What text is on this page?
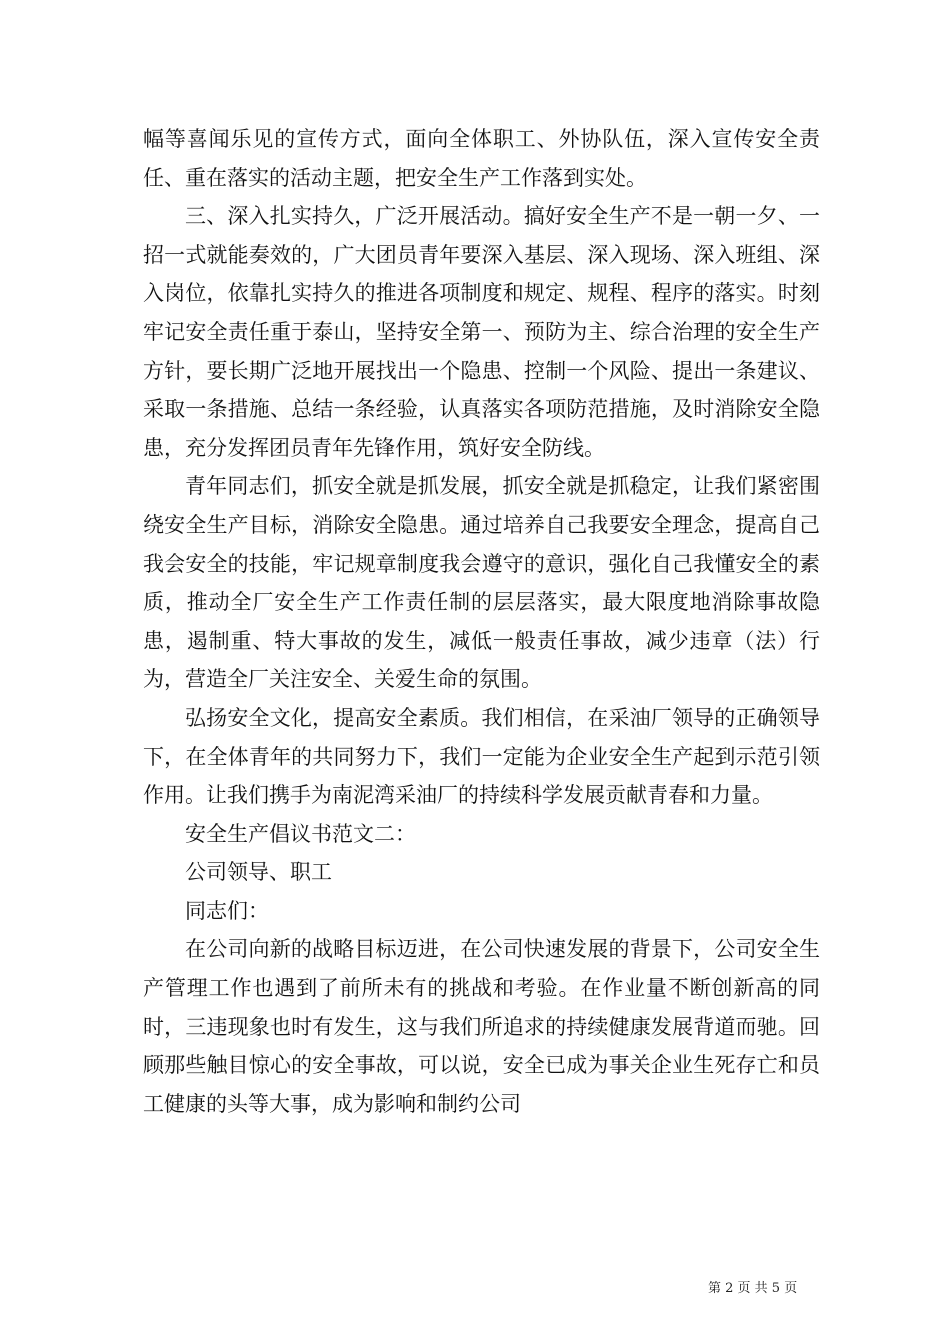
幅等喜闻乐见的宣传方式，面向全体职工、外协队伍，深入宣传安全责任、重在落实的活动主题，把安全生产工作落到实处。

三、深入扎实持久，广泛开展活动。搞好安全生产不是一朝一夕、一招一式就能奏效的，广大团员青年要深入基层、深入现场、深入班组、深入岗位，依靠扎实持久的推进各项制度和规定、规程、程序的落实。时刻牢记安全责任重于泰山，坚持安全第一、预防为主、综合治理的安全生产方针，要长期广泛地开展找出一个隐患、控制一个风险、提出一条建议、采取一条措施、总结一条经验，认真落实各项防范措施，及时消除安全隐患，充分发挥团员青年先锋作用，筑好安全防线。

青年同志们，抓安全就是抓发展，抓安全就是抓稳定，让我们紧密围绕安全生产目标，消除安全隐患。通过培养自己我要安全理念，提高自己我会安全的技能，牢记规章制度我会遵守的意识，强化自己我懂安全的素质，推动全厂安全生产工作责任制的层层落实，最大限度地消除事故隐患，遏制重、特大事故的发生，减低一般责任事故，减少违章（法）行为，营造全厂关注安全、关爱生命的氛围。

弘扬安全文化，提高安全素质。我们相信，在采油厂领导的正确领导下，在全体青年的共同努力下，我们一定能为企业安全生产起到示范引领作用。让我们携手为南泥湾采油厂的持续科学发展贡献青春和力量。

安全生产倡议书范文二：

公司领导、职工

同志们：

在公司向新的战略目标迈进，在公司快速发展的背景下，公司安全生产管理工作也遇到了前所未有的挑战和考验。在作业量不断创新高的同时，三违现象也时有发生，这与我们所追求的持续健康发展背道而驰。回顾那些触目惊心的安全事故，可以说，安全已成为事关企业生死存亡和员工健康的头等大事，成为影响和制约公司

第 2 页 共 5 页
